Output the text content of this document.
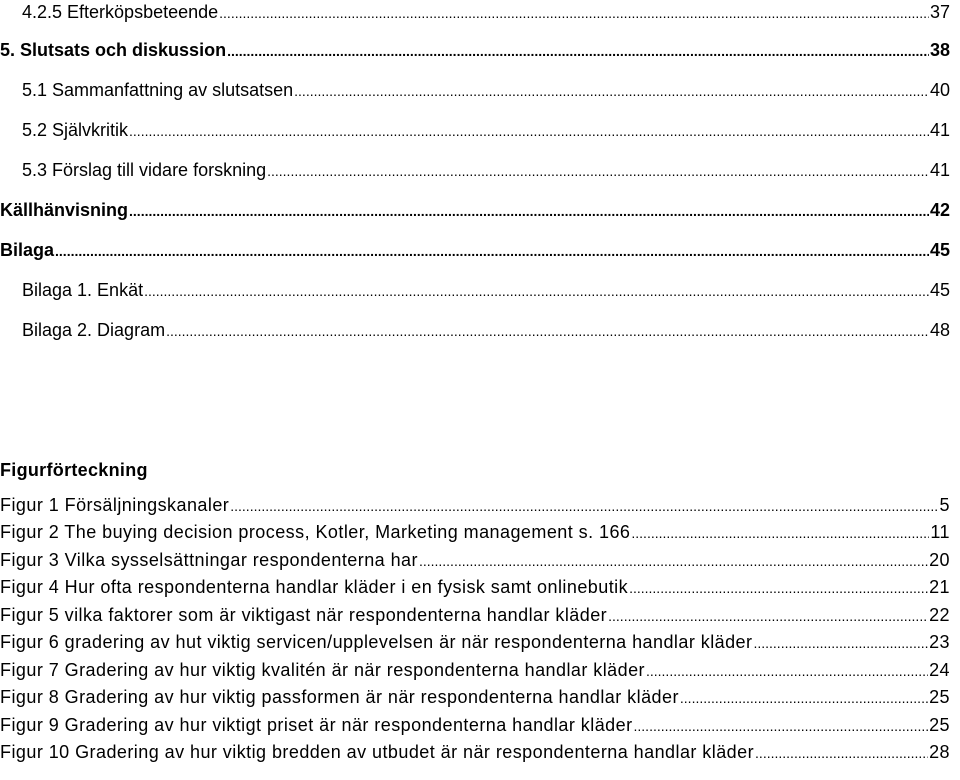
4.2.5 Efterköpsbeteende .....	37
5. Slutsats och diskussion .....	38
5.1 Sammanfattning av slutsatsen .....	40
5.2 Självkritik .....	41
5.3 Förslag till vidare forskning .....	41
Källhänvisning .....	42
Bilaga .....	45
Bilaga 1. Enkät .....	45
Bilaga 2. Diagram .....	48
Figurförteckning
Figur 1 Försäljningskanaler .....	5
Figur 2 The buying decision process, Kotler, Marketing management s. 166 .....	11
Figur 3 Vilka sysselsättningar respondenterna har .....	20
Figur 4 Hur ofta respondenterna handlar kläder i en fysisk samt onlinebutik .....	21
Figur 5 vilka faktorer som är viktigast när respondenterna handlar kläder .....	22
Figur 6 gradering av hut viktig servicen/upplevelsen är när respondenterna handlar kläder .....	23
Figur 7 Gradering av hur viktig kvalitén är när respondenterna handlar kläder .....	24
Figur 8 Gradering av hur viktig passformen är när respondenterna handlar kläder .....	25
Figur 9 Gradering av hur viktigt priset är när respondenterna handlar kläder .....	25
Figur 10 Gradering av hur viktig bredden av utbudet är när respondenterna handlar kläder .....	28
